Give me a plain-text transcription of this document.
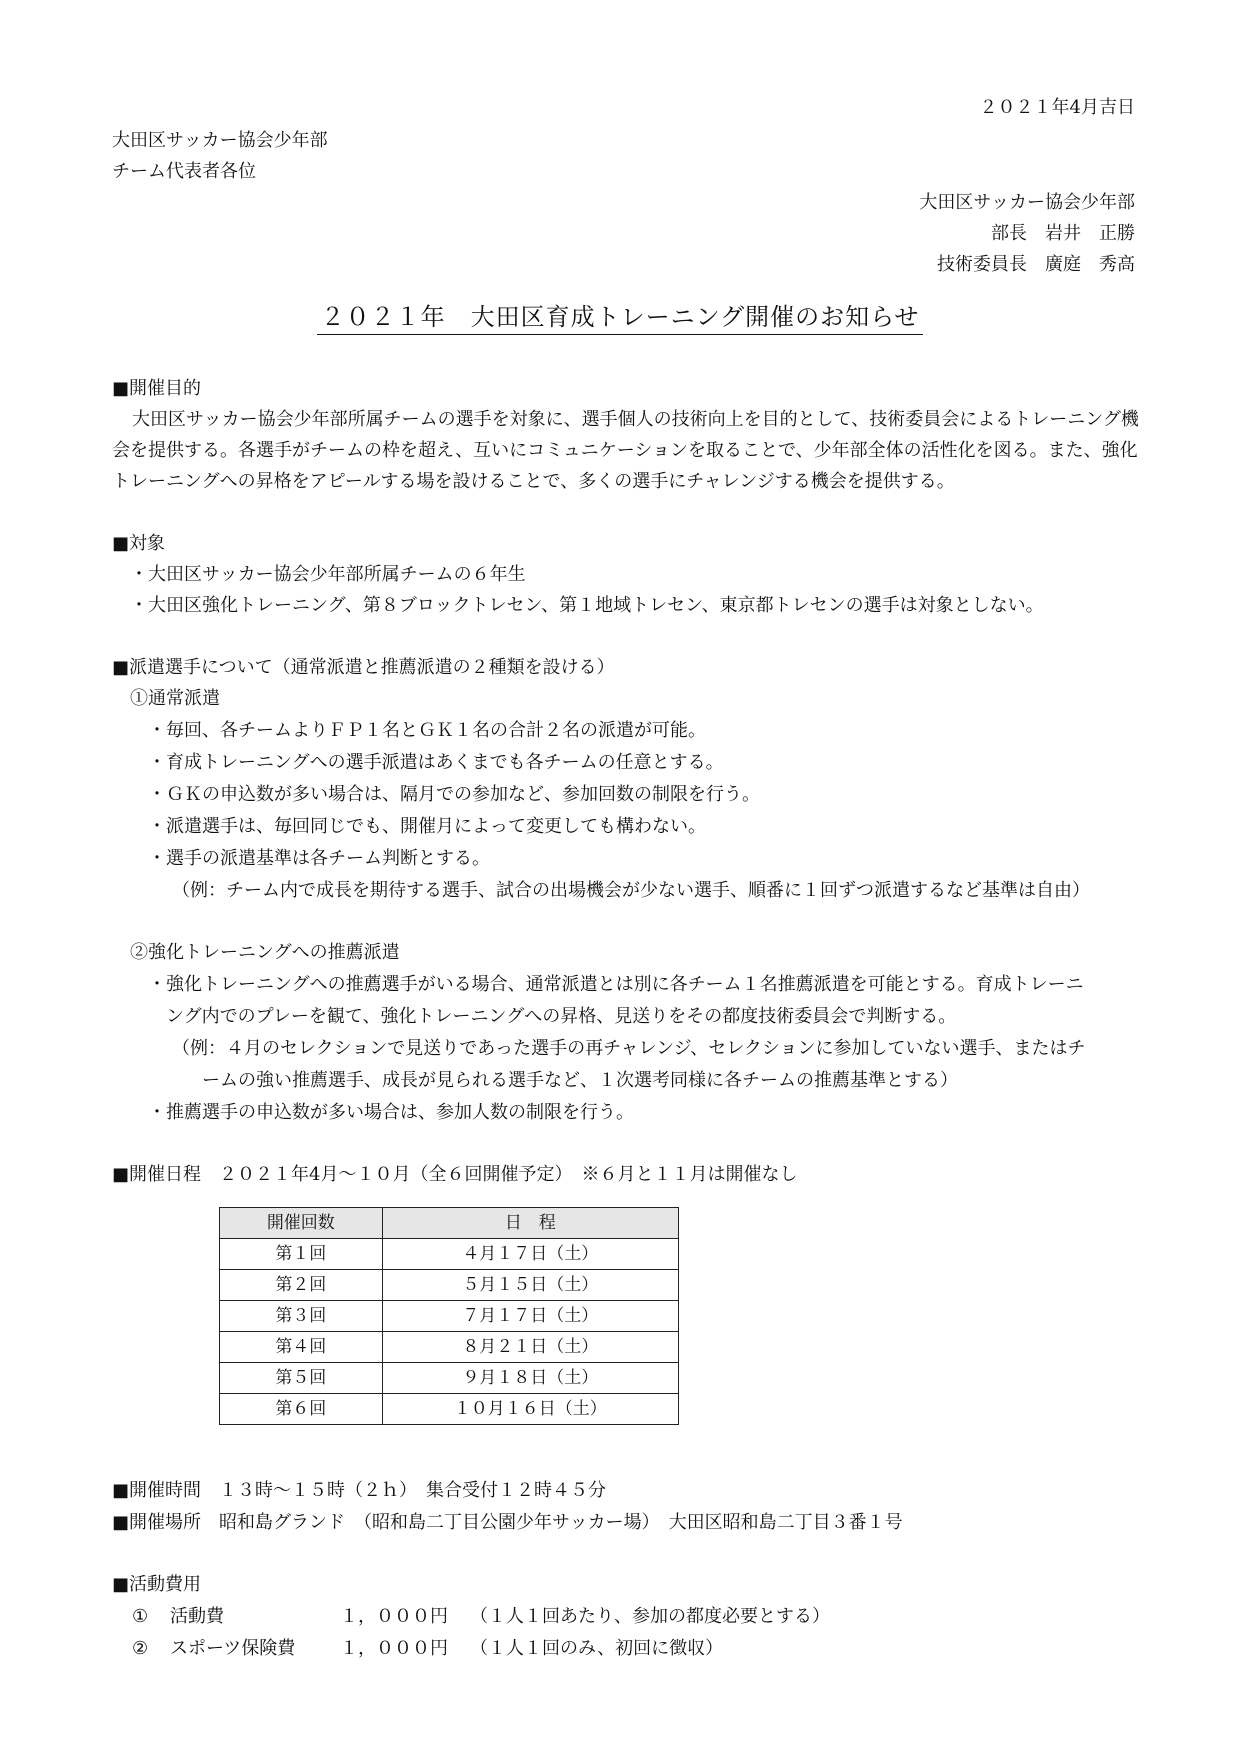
２０２１年4月吉日
大田区サッカー協会少年部
チーム代表者各位
大田区サッカー協会少年部
部長　岩井　正勝
技術委員長　廣庭　秀高
２０２１年　大田区育成トレーニング開催のお知らせ
■開催目的
大田区サッカー協会少年部所属チームの選手を対象に、選手個人の技術向上を目的として、技術委員会によるトレーニング機会を提供する。各選手がチームの枠を超え、互いにコミュニケーションを取ることで、少年部全体の活性化を図る。また、強化トレーニングへの昇格をアピールする場を設けることで、多くの選手にチャレンジする機会を提供する。
■対象
・大田区サッカー協会少年部所属チームの６年生
・大田区強化トレーニング、第８ブロックトレセン、第１地域トレセン、東京都トレセンの選手は対象としない。
■派遣選手について（通常派遣と推薦派遣の２種類を設ける）
①通常派遣
・毎回、各チームよりＦＰ１名とＧＫ１名の合計２名の派遣が可能。
・育成トレーニングへの選手派遣はあくまでも各チームの任意とする。
・ＧＫの申込数が多い場合は、隔月での参加など、参加回数の制限を行う。
・派遣選手は、毎回同じでも、開催月によって変更しても構わない。
・選手の派遣基準は各チーム判断とする。
（例：チーム内で成長を期待する選手、試合の出場機会が少ない選手、順番に１回ずつ派遣するなど基準は自由）
②強化トレーニングへの推薦派遣
・強化トレーニングへの推薦選手がいる場合、通常派遣とは別に各チーム１名推薦派遣を可能とする。育成トレーニ
ング内でのプレーを観て、強化トレーニングへの昇格、見送りをその都度技術委員会で判断する。
（例：４月のセレクションで見送りであった選手の再チャレンジ、セレクションに参加していない選手、またはチ
ームの強い推薦選手、成長が見られる選手など、１次選考同様に各チームの推薦基準とする）
・推薦選手の申込数が多い場合は、参加人数の制限を行う。
■開催日程　２０２１年4月～１０月（全６回開催予定）　※６月と１１月は開催なし
開催回数	日　程
第１回	４月１７日（土）
第２回	５月１５日（土）
第３回	７月１７日（土）
第４回	８月２１日（土）
第５回	９月１８日（土）
第６回	１０月１６日（土）
■開催時間　１３時～１５時（２ｈ）　集合受付１２時４５分
■開催場所　昭和島グランド　（昭和島二丁目公園少年サッカー場）　大田区昭和島二丁目３番１号
■活動費用
① 活動費	１，０００円 （１人１回あたり、参加の都度必要とする）
② スポーツ保険費 １，０００円 （１人１回のみ、初回に徴収）
